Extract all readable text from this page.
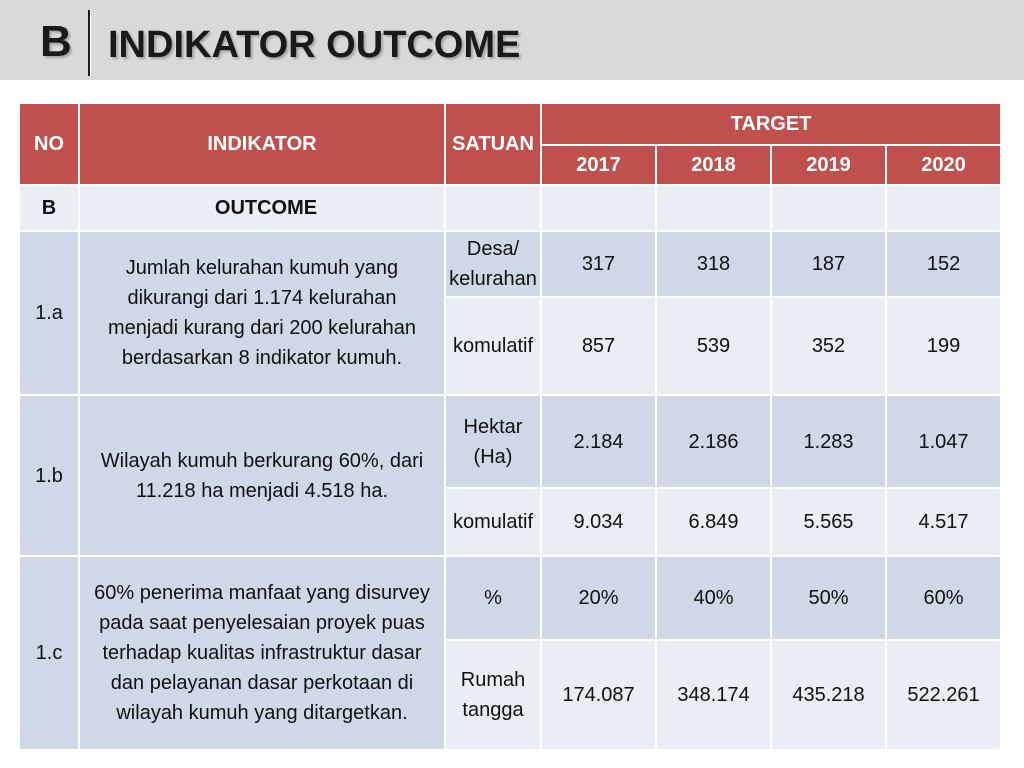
B INDIKATOR OUTCOME
NO	INDIKATOR	SATUAN	TARGET			
			2017	2018	2019	2020
B	OUTCOME					
1.a	Jumlah kelurahan kumuh yang dikurangi dari 1.174 kelurahan menjadi kurang dari 200 kelurahan berdasarkan 8 indikator kumuh.	Desa/ kelurahan	317	318	187	152
		komulatif	857	539	352	199
1.b	Wilayah kumuh berkurang 60%, dari 11.218 ha menjadi 4.518 ha.	Hektar (Ha)	2.184	2.186	1.283	1.047
		komulatif	9.034	6.849	5.565	4.517
1.c	60% penerima manfaat yang disurvey pada saat penyelesaian proyek puas terhadap kualitas infrastruktur dasar dan pelayanan dasar perkotaan di wilayah kumuh yang ditargetkan.	%	20%	40%	50%	60%
		Rumah tangga	174.087	348.174	435.218	522.261
